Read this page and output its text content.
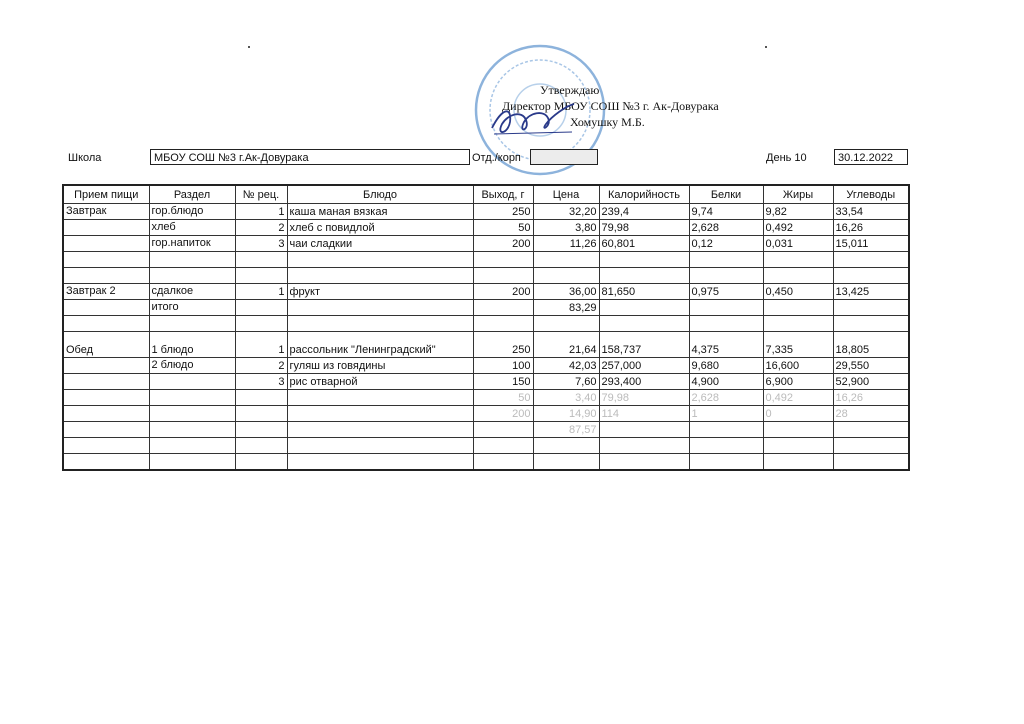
Утверждаю
Директор МБОУ СОШ №3 г. Ак-Довурака
Хомушку М.Б.
Школа	МБОУ СОШ №3 г.Ак-Довурака	Отд./корп	День 10	30.12.2022
Прием пищи	Раздел	№ рец.	Блюдо	Выход, г	Цена	Калорийность	Белки	Жиры	Углеводы
Завтрак	гор.блюдо	1	каша маная вязкая	250	32,20	239,4	9,74	9,82	33,54
	хлеб	2	хлеб с повидлой	50	3,80	79,98	2,628	0,492	16,26
	гор.напиток	3	чаи сладкии	200	11,26	60,801	0,12	0,031	15,011

Завтрак 2	сдалкое	1	фрукт	200	36,00	81,650	0,975	0,450	13,425
	итого				83,29				

Обед	1 блюдо	1	рассольник "Ленинградский"	250	21,64	158,737	4,375	7,335	18,805
	2 блюдо	2	гуляш из говядины	100	42,03	257,000	9,680	16,600	29,550
		3	рис отварной	150	7,60	293,400	4,900	6,900	52,900
				50	3,40	79,98	2,628	0,492	16,26
				200	14,90	114	1	0	28
					87,57				
